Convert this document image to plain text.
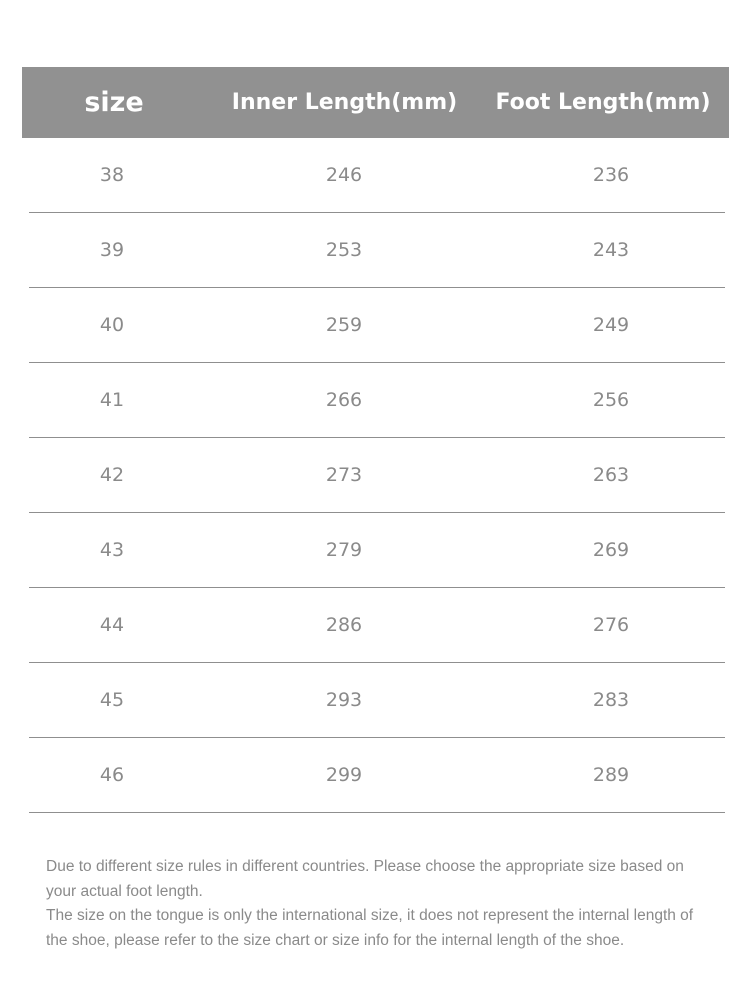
size	Inner Length(mm)	Foot Length(mm)
38	246	236
39	253	243
40	259	249
41	266	256
42	273	263
43	279	269
44	286	276
45	293	283
46	299	289

Due to different size rules in different countries. Please choose the appropriate size based on your actual foot length.

The size on the tongue is only the international size, it does not represent the internal length of the shoe, please refer to the size chart or size info for the internal length of the shoe.
